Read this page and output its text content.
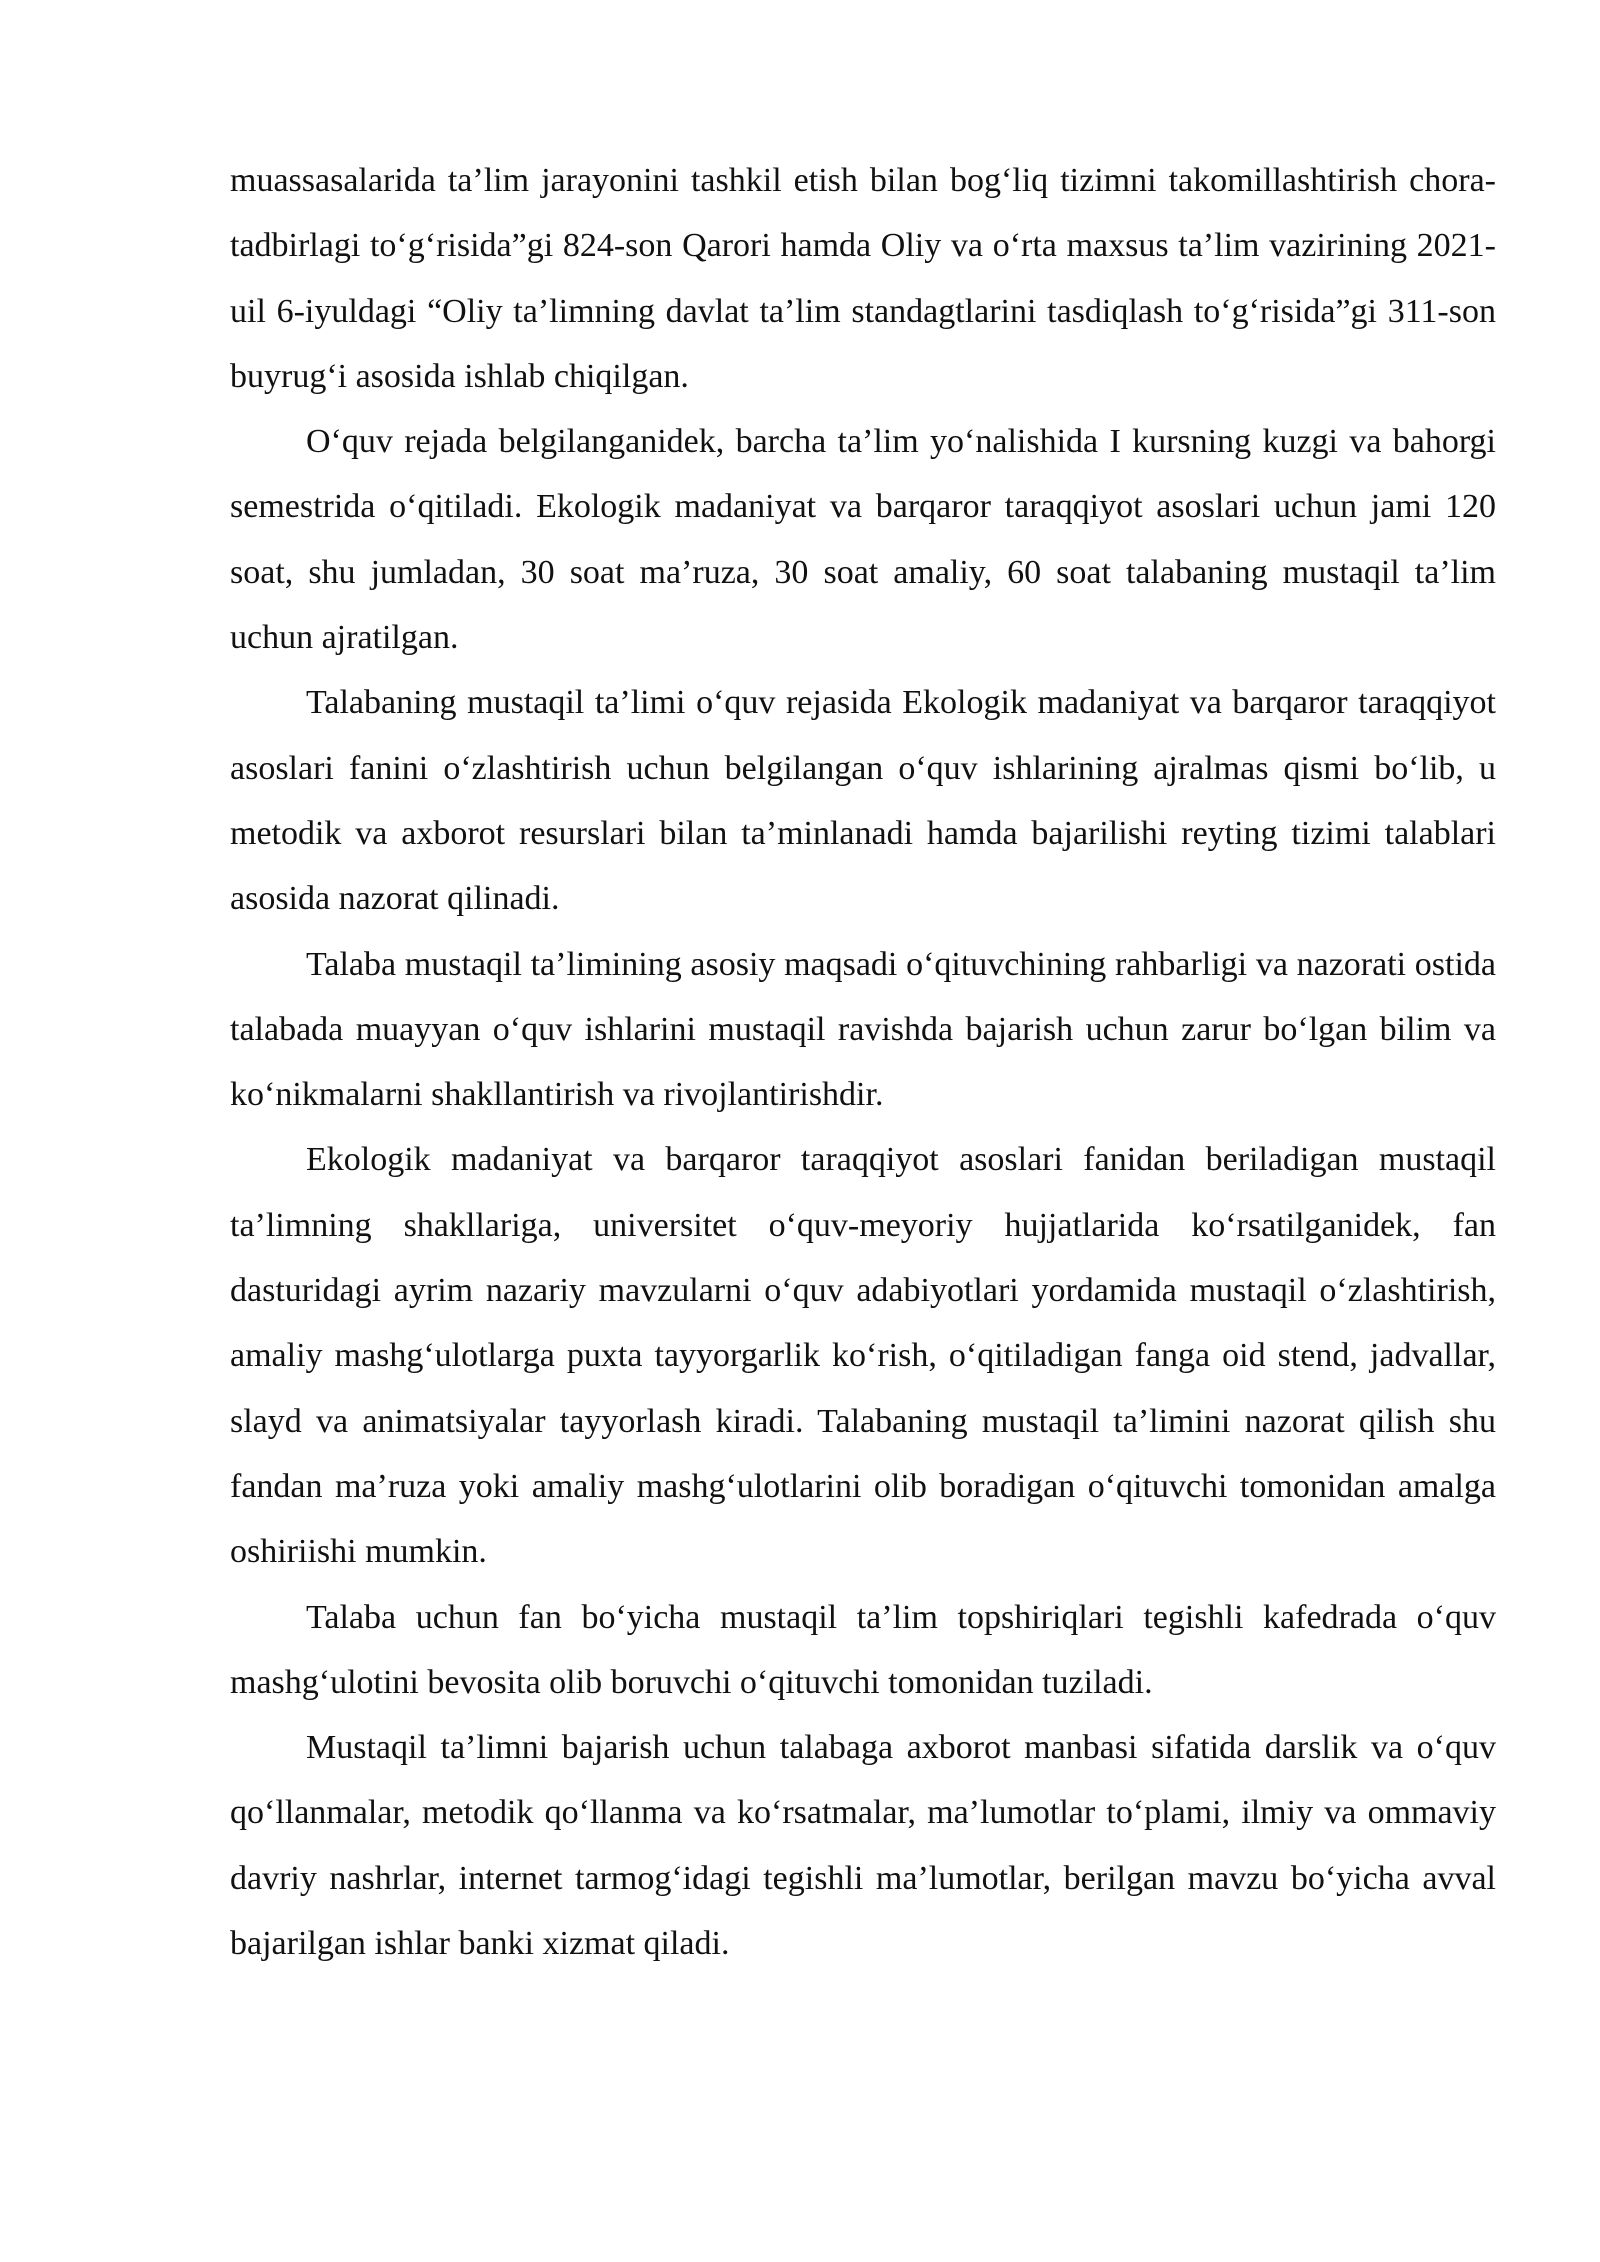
muassasalarida ta’lim jarayonini tashkil etish bilan bog‘liq tizimni takomillashtirish chora-tadbirlagi to‘g‘risida”gi 824-son Qarori hamda Oliy va o‘rta maxsus ta’lim vazirining 2021-uil 6-iyuldagi “Oliy ta’limning davlat ta’lim standagtlarini tasdiqlash to‘g‘risida”gi 311-son buyrug‘i asosida ishlab chiqilgan.

O‘quv rejada belgilanganidek, barcha ta’lim yo‘nalishida I kursning kuzgi va bahorgi semestrida o‘qitiladi. Ekologik madaniyat va barqaror taraqqiyot asoslari uchun jami 120 soat, shu jumladan, 30 soat ma’ruza, 30 soat amaliy, 60 soat talabaning mustaqil ta’lim uchun ajratilgan.

Talabaning mustaqil ta’limi o‘quv rejasida Ekologik madaniyat va barqaror taraqqiyot asoslari fanini o‘zlashtirish uchun belgilangan o‘quv ishlarining ajralmas qismi bo‘lib, u metodik va axborot resurslari bilan ta’minlanadi hamda bajarilishi reyting tizimi talablari asosida nazorat qilinadi.

Talaba mustaqil ta’limining asosiy maqsadi o‘qituvchining rahbarligi va nazorati ostida talabada muayyan o‘quv ishlarini mustaqil ravishda bajarish uchun zarur bo‘lgan bilim va ko‘nikmalarni shakllantirish va rivojlantirishdir.

Ekologik madaniyat va barqaror taraqqiyot asoslari fanidan beriladigan mustaqil ta’limning shakllariga, universitet o‘quv-meyoriy hujjatlarida ko‘rsatilganidek, fan dasturidagi ayrim nazariy mavzularni o‘quv adabiyotlari yordamida mustaqil o‘zlashtirish, amaliy mashg‘ulotlarga puxta tayyorgarlik ko‘rish, o‘qitiladigan fanga oid stend, jadvallar, slayd va animatsiyalar tayyorlash kiradi. Talabaning mustaqil ta’limini nazorat qilish shu fandan ma’ruza yoki amaliy mashg‘ulotlarini olib boradigan o‘qituvchi tomonidan amalga oshiriishi mumkin.

Talaba uchun fan bo‘yicha mustaqil ta’lim topshiriqlari tegishli kafedrada o‘quv mashg‘ulotini bevosita olib boruvchi o‘qituvchi tomonidan tuziladi.

Mustaqil ta’limni bajarish uchun talabaga axborot manbasi sifatida darslik va o‘quv qo‘llanmalar, metodik qo‘llanma va ko‘rsatmalar, ma’lumotlar to‘plami, ilmiy va ommaviy davriy nashrlar, internet tarmog‘idagi tegishli ma’lumotlar, berilgan mavzu bo‘yicha avval bajarilgan ishlar banki xizmat qiladi.
